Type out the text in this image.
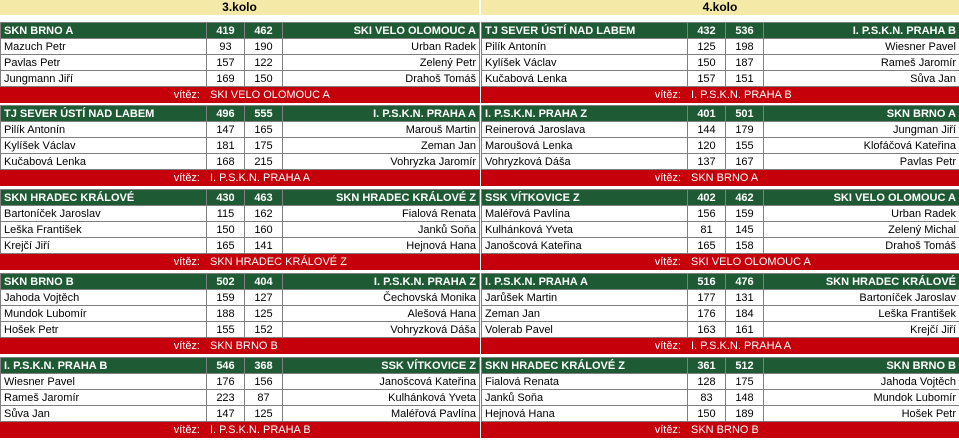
3.kolo
SKN BRNO A	419	462	SKI VELO OLOMOUC A
Mazuch Petr	93	190	Urban Radek
Pavlas Petr	157	122	Zelený Petr
Jungmann Jiří	169	150	Drahoš Tomáš
vítěz:	SKI VELO OLOMOUC A		
TJ SEVER ÚSTÍ NAD LABEM	496	555	I. P.S.K.N. PRAHA A
Pilík Antonín	147	165	Marouš Martin
Kylíšek Václav	181	175	Zeman Jan
Kučabová Lenka	168	215	Vohryzka Jaromír
vítěz:	I. P.S.K.N. PRAHA A		
SKN HRADEC KRÁLOVÉ	430	463	SKN HRADEC KRÁLOVÉ Z
Bartoníček Jaroslav	115	162	Fialová Renata
Leška František	150	160	Janků Soňa
Krejčí Jiří	165	141	Hejnová Hana
vítěz:	SKN HRADEC KRÁLOVÉ Z		
SKN BRNO B	502	404	I. P.S.K.N. PRAHA Z
Jahoda Vojtěch	159	127	Čechovská Monika
Mundok Lubomír	188	125	Alešová Hana
Hošek Petr	155	152	Vohryzková Dáša
vítěz:	SKN BRNO B		
I. P.S.K.N. PRAHA B	546	368	SSK VÍTKOVICE Z
Wiesner Pavel	176	156	Janošcová Kateřina
Rameš Jaromír	223	87	Kulhánková Yveta
Sůva Jan	147	125	Maléřová Pavlína
vítěz:	I. P.S.K.N. PRAHA B		
4.kolo
TJ SEVER ÚSTÍ NAD LABEM	432	536	I. P.S.K.N. PRAHA B
Pilík Antonín	125	198	Wiesner Pavel
Kylíšek Václav	150	187	Rameš Jaromír
Kučabová Lenka	157	151	Sůva Jan
vítěz:	I. P.S.K.N. PRAHA B		
I. P.S.K.N. PRAHA Z	401	501	SKN BRNO A
Reinerová Jaroslava	144	179	Jungman Jiří
Maroušová Lenka	120	155	Klofáčová Kateřina
Vohryzková Dáša	137	167	Pavlas Petr
vítěz:	SKN BRNO A		
SSK VÍTKOVICE Z	402	462	SKI VELO OLOMOUC A
Maléřová Pavlína	156	159	Urban Radek
Kulhánková Yveta	81	145	Zelený Michal
Janošcová Kateřina	165	158	Drahoš Tomáš
vítěz:	SKI VELO OLOMOUC A		
I. P.S.K.N. PRAHA A	516	476	SKN HRADEC KRÁLOVÉ
Jarůšek Martin	177	131	Bartoníček Jaroslav
Zeman Jan	176	184	Leška František
Volerab Pavel	163	161	Krejčí Jiří
vítěz:	I. P.S.K.N. PRAHA A		
SKN HRADEC KRÁLOVÉ Z	361	512	SKN BRNO B
Fialová Renata	128	175	Jahoda Vojtěch
Janků Soňa	83	148	Mundok Lubomír
Hejnová Hana	150	189	Hošek Petr
vítěz:	SKN BRNO B		
